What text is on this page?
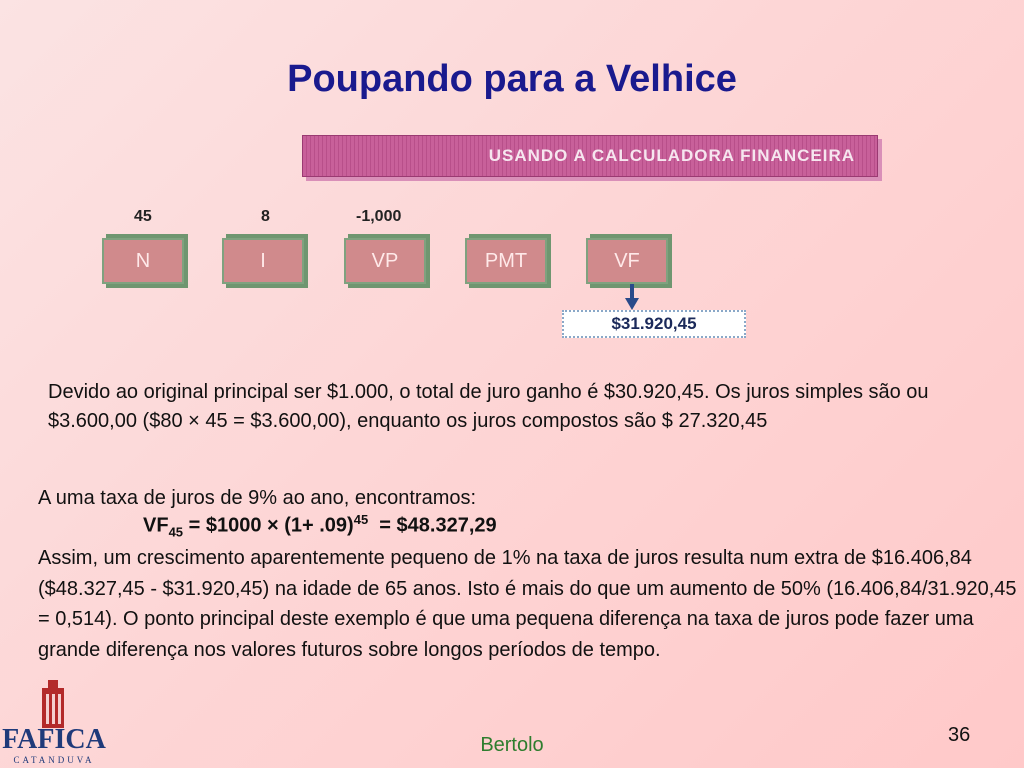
Poupando para a Velhice
USANDO A CALCULADORA FINANCEIRA
45	8	-1,000
N	I	VP	PMT	VF
$31.920,45

Devido ao original principal ser $1.000, o total de juro ganho é $30.920,45. Os juros simples são ou $3.600,00 ($80 × 45 = $3.600,00), enquanto os juros compostos são $ 27.320,45

A uma taxa de juros de 9% ao ano, encontramos:

$VF_{45}$ = $1000 × $(1+ .09)^{45}$  = $48.327,29

Assim, um crescimento aparentemente pequeno de 1% na taxa de juros resulta num extra de $16.406,84 ($48.327,45 - $31.920,45) na idade de 65 anos. Isto é mais do que um aumento de 50% (16.406,84/31.920,45 = 0,514). O ponto principal deste exemplo é que uma pequena diferença na taxa de juros pode fazer uma grande diferença nos valores futuros sobre longos períodos de tempo.

FAFICA
CATANDUVA
Bertolo	36
